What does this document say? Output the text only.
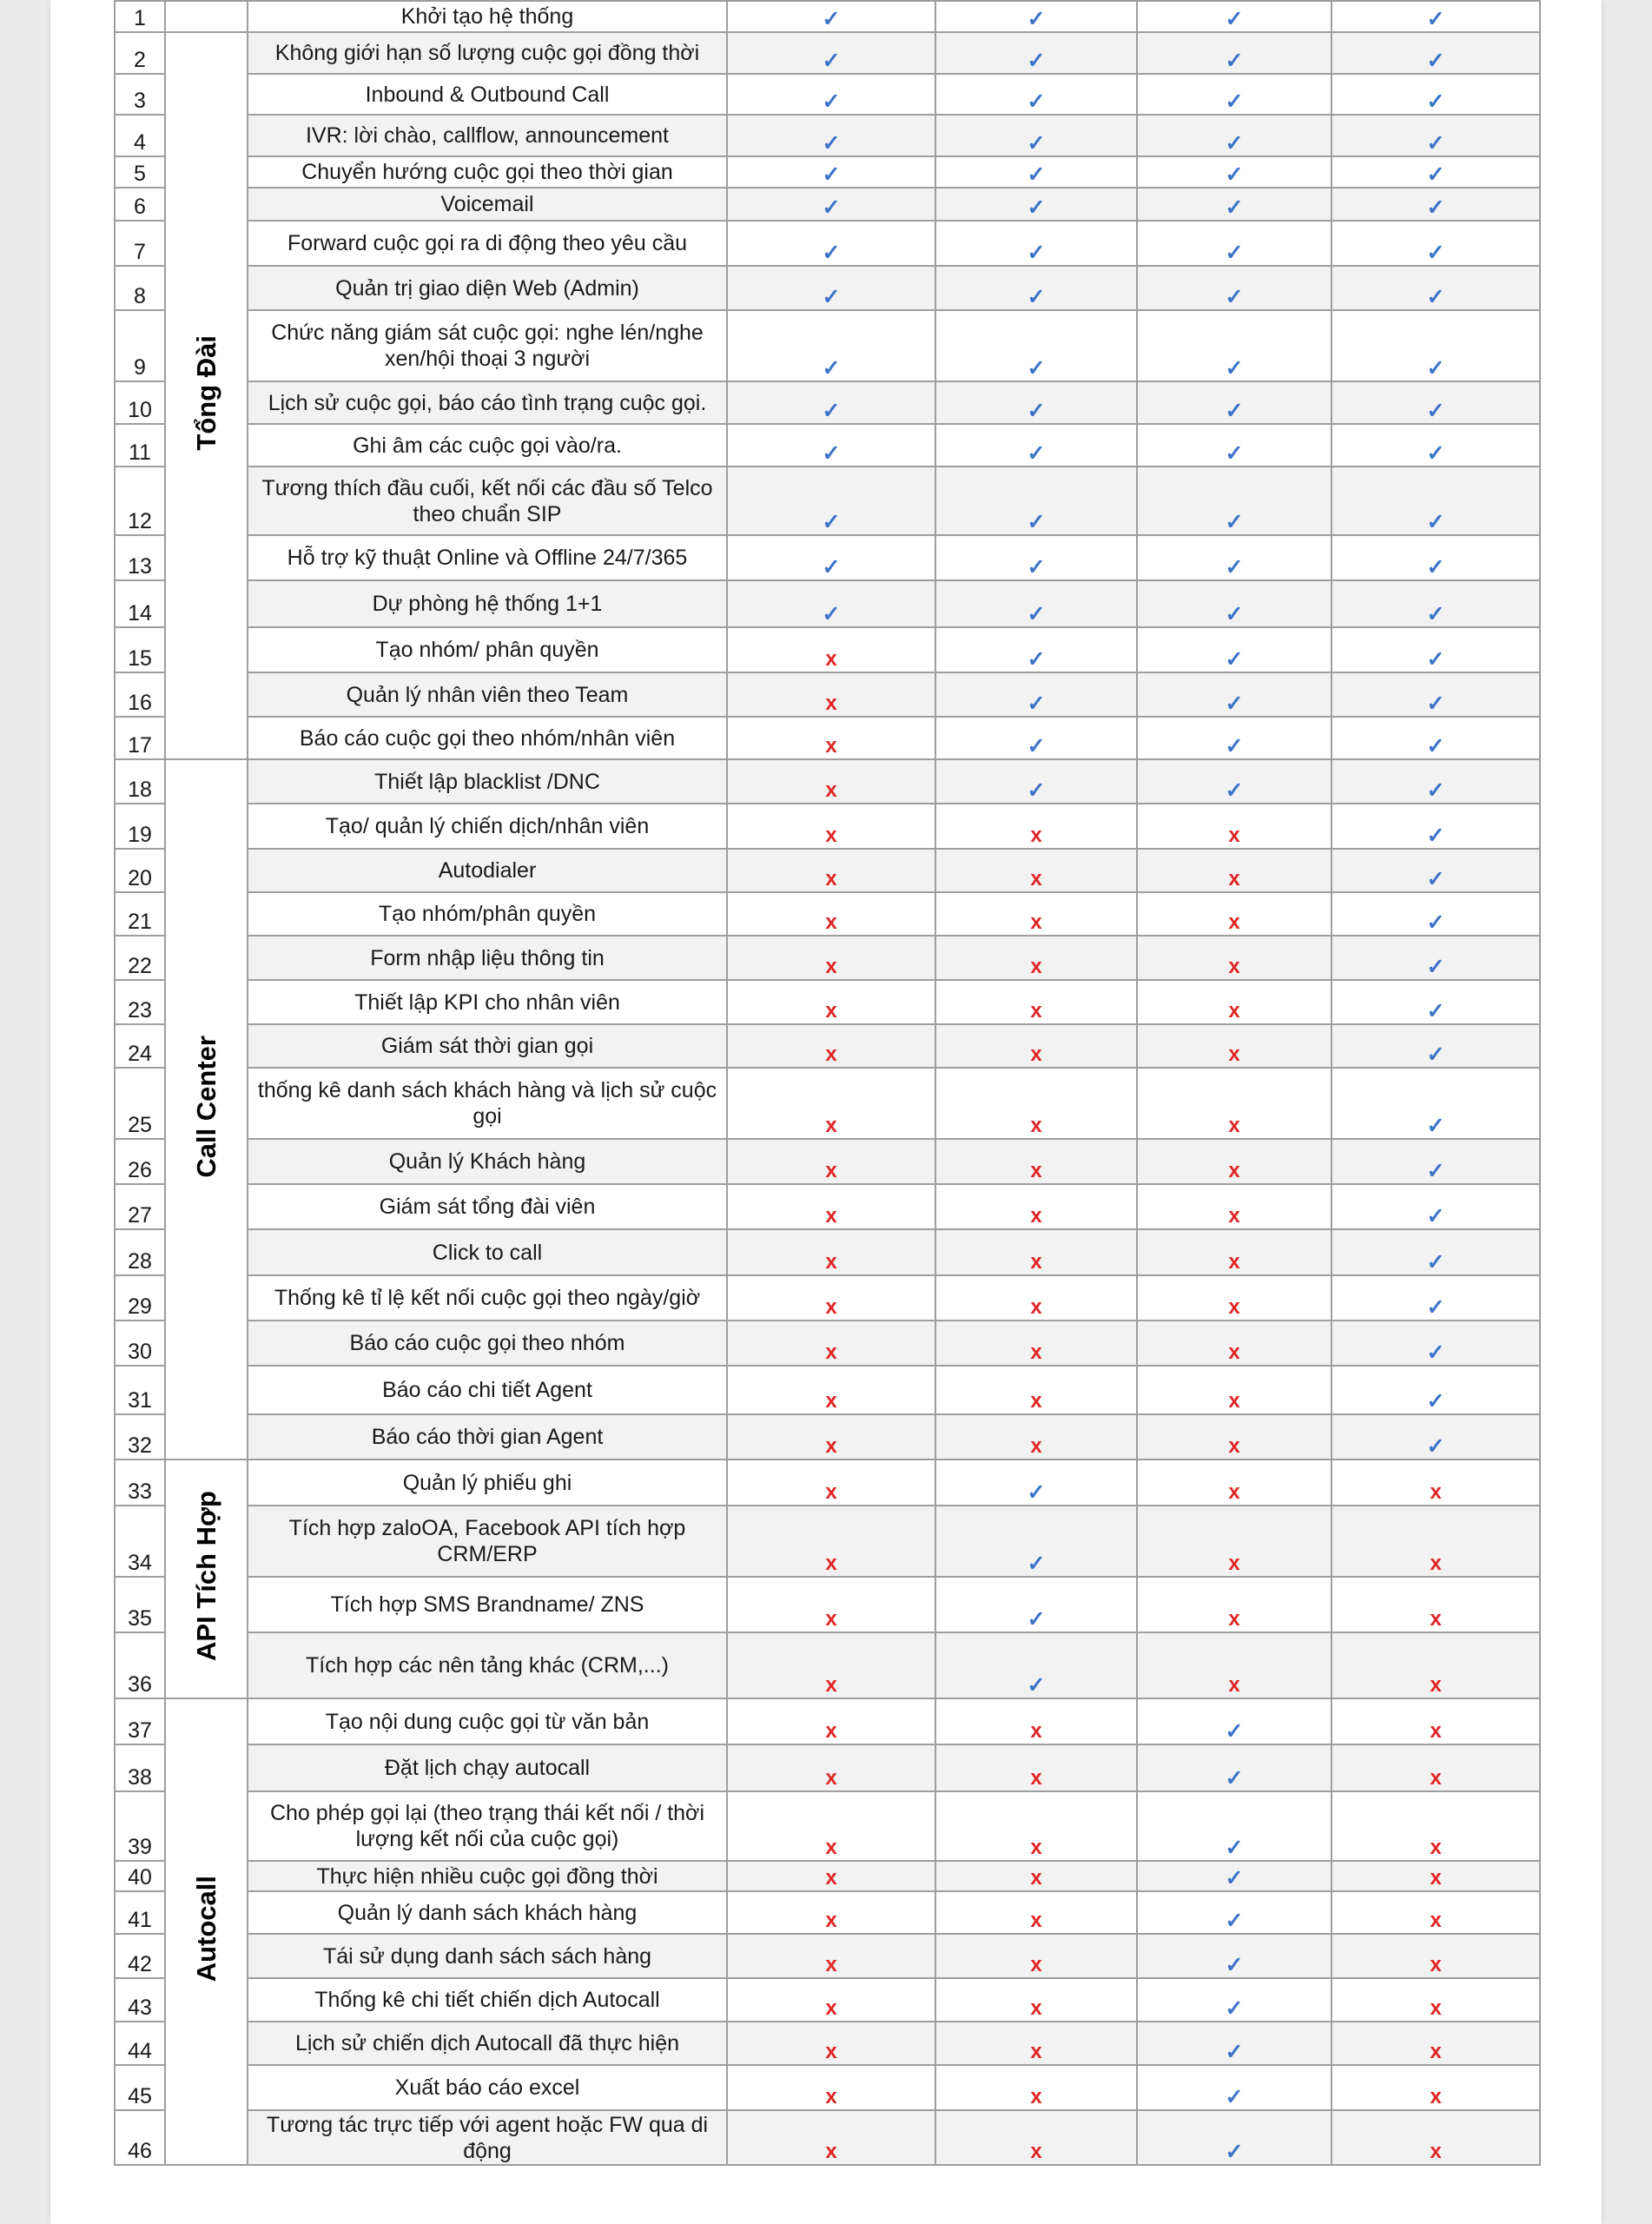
1		Khởi tạo hệ thống	✓	✓	✓	✓
2	Tổng Đài	Không giới hạn số lượng cuộc gọi đồng thời	✓	✓	✓	✓
3		Inbound & Outbound Call	✓	✓	✓	✓
4		IVR: lời chào, callflow, announcement	✓	✓	✓	✓
5		Chuyển hướng cuộc gọi theo thời gian	✓	✓	✓	✓
6		Voicemail	✓	✓	✓	✓
7		Forward cuộc gọi ra di động theo yêu cầu	✓	✓	✓	✓
8		Quản trị giao diện Web (Admin)	✓	✓	✓	✓
9		Chức năng giám sát cuộc gọi: nghe lén/nghe xen/hội thoại 3 người	✓	✓	✓	✓
10		Lịch sử cuộc gọi, báo cáo tình trạng cuộc gọi.	✓	✓	✓	✓
11		Ghi âm các cuộc gọi vào/ra.	✓	✓	✓	✓
12		Tương thích đầu cuối, kết nối các đầu số Telco theo chuẩn SIP	✓	✓	✓	✓
13		Hỗ trợ kỹ thuật Online và Offline 24/7/365	✓	✓	✓	✓
14		Dự phòng hệ thống 1+1	✓	✓	✓	✓
15		Tạo nhóm/ phân quyền	x	✓	✓	✓
16		Quản lý nhân viên theo Team	x	✓	✓	✓
17		Báo cáo cuộc gọi theo nhóm/nhân viên	x	✓	✓	✓
18	Call Center	Thiết lập blacklist /DNC	x	✓	✓	✓
19		Tạo/ quản lý chiến dịch/nhân viên	x	x	x	✓
20		Autodialer	x	x	x	✓
21		Tạo nhóm/phân quyền	x	x	x	✓
22		Form nhập liệu thông tin	x	x	x	✓
23		Thiết lập KPI cho nhân viên	x	x	x	✓
24		Giám sát thời gian gọi	x	x	x	✓
25		thống kê danh sách khách hàng và lịch sử cuộc gọi	x	x	x	✓
26		Quản lý Khách hàng	x	x	x	✓
27		Giám sát tổng đài viên	x	x	x	✓
28		Click to call	x	x	x	✓
29		Thống kê tỉ lệ kết nối cuộc gọi theo ngày/giờ	x	x	x	✓
30		Báo cáo cuộc gọi theo nhóm	x	x	x	✓
31		Báo cáo chi tiết Agent	x	x	x	✓
32		Báo cáo thời gian Agent	x	x	x	✓
33	API Tích Hợp	Quản lý phiếu ghi	x	✓	x	x
34		Tích hợp zaloOA, Facebook API tích hợp CRM/ERP	x	✓	x	x
35		Tích hợp SMS Brandname/ ZNS	x	✓	x	x
36		Tích hợp các nên tảng khác (CRM,...)	x	✓	x	x
37	Autocall	Tạo nội dung cuộc gọi từ văn bản	x	x	✓	x
38		Đặt lịch chạy autocall	x	x	✓	x
39		Cho phép gọi lại (theo trạng thái kết nối / thời lượng kết nối của cuộc gọi)	x	x	✓	x
40		Thực hiện nhiều cuộc gọi đồng thời	x	x	✓	x
41		Quản lý danh sách khách hàng	x	x	✓	x
42		Tái sử dụng danh sách sách hàng	x	x	✓	x
43		Thống kê chi tiết chiến dịch Autocall	x	x	✓	x
44		Lịch sử chiến dịch Autocall đã thực hiện	x	x	✓	x
45		Xuất báo cáo excel	x	x	✓	x
46		Tương tác trực tiếp với agent hoặc FW qua di động	x	x	✓	x
